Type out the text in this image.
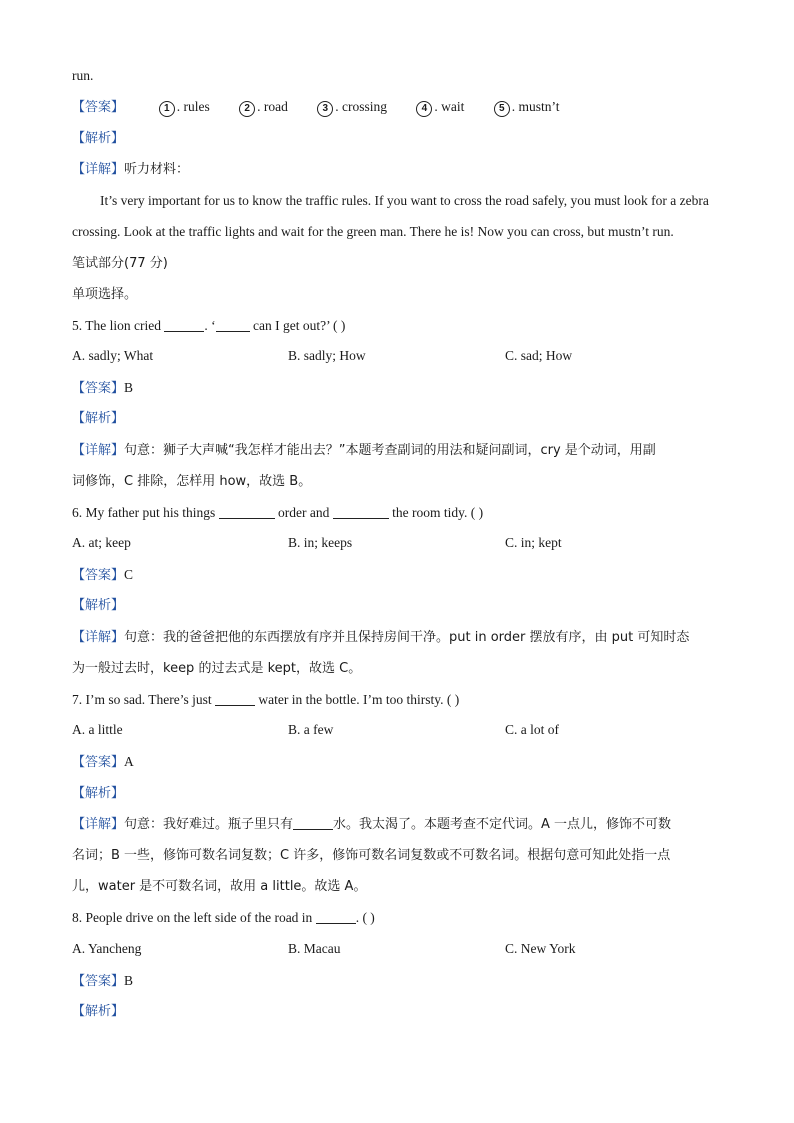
run.
【答案】	1 . rules	2 . road	3 . crossing	4 . wait	5 . mustn’t
【解析】
【详解】听力材料：
It’s very important for us to know the traffic rules. If you want to cross the road safely, you must look for a zebra
crossing. Look at the traffic lights and wait for the green man. There he is! Now you can cross, but mustn’t run.
笔试部分(77 分)
单项选择。
5. The lion cried	. ‘	can I get out?’ ( )
A. sadly; What	B. sadly; How	C. sad; How
【答案】B
【解析】
【详解】句意：狮子大声喊“我怎样才能出去？”本题考查副词的用法和疑问副词，cry 是个动词，用副
词修饰，C 排除，怎样用 how，故选 B。
6. My father put his things	order and	the room tidy. ( )
A. at; keep	B. in; keeps	C. in; kept
【答案】C
【解析】
【详解】句意：我的爸爸把他的东西摆放有序并且保持房间干净。put in order 摆放有序，由 put 可知时态
为一般过去时，keep 的过去式是 kept，故选 C。
7. I’m so sad. There’s just	water in the bottle. I’m too thirsty. ( )
A. a little	B. a few	C. a lot of
【答案】A
【解析】
【详解】句意：我好难过。瓶子里只有	水。我太渴了。本题考查不定代词。A 一点儿，修饰不可数
名词；B 一些，修饰可数名词复数；C 许多，修饰可数名词复数或不可数名词。根据句意可知此处指一点
儿，water 是不可数名词，故用 a little。故选 A。
8. People drive on the left side of the road in	. ( )
A. Yancheng	B. Macau	C. New York
【答案】B
【解析】
